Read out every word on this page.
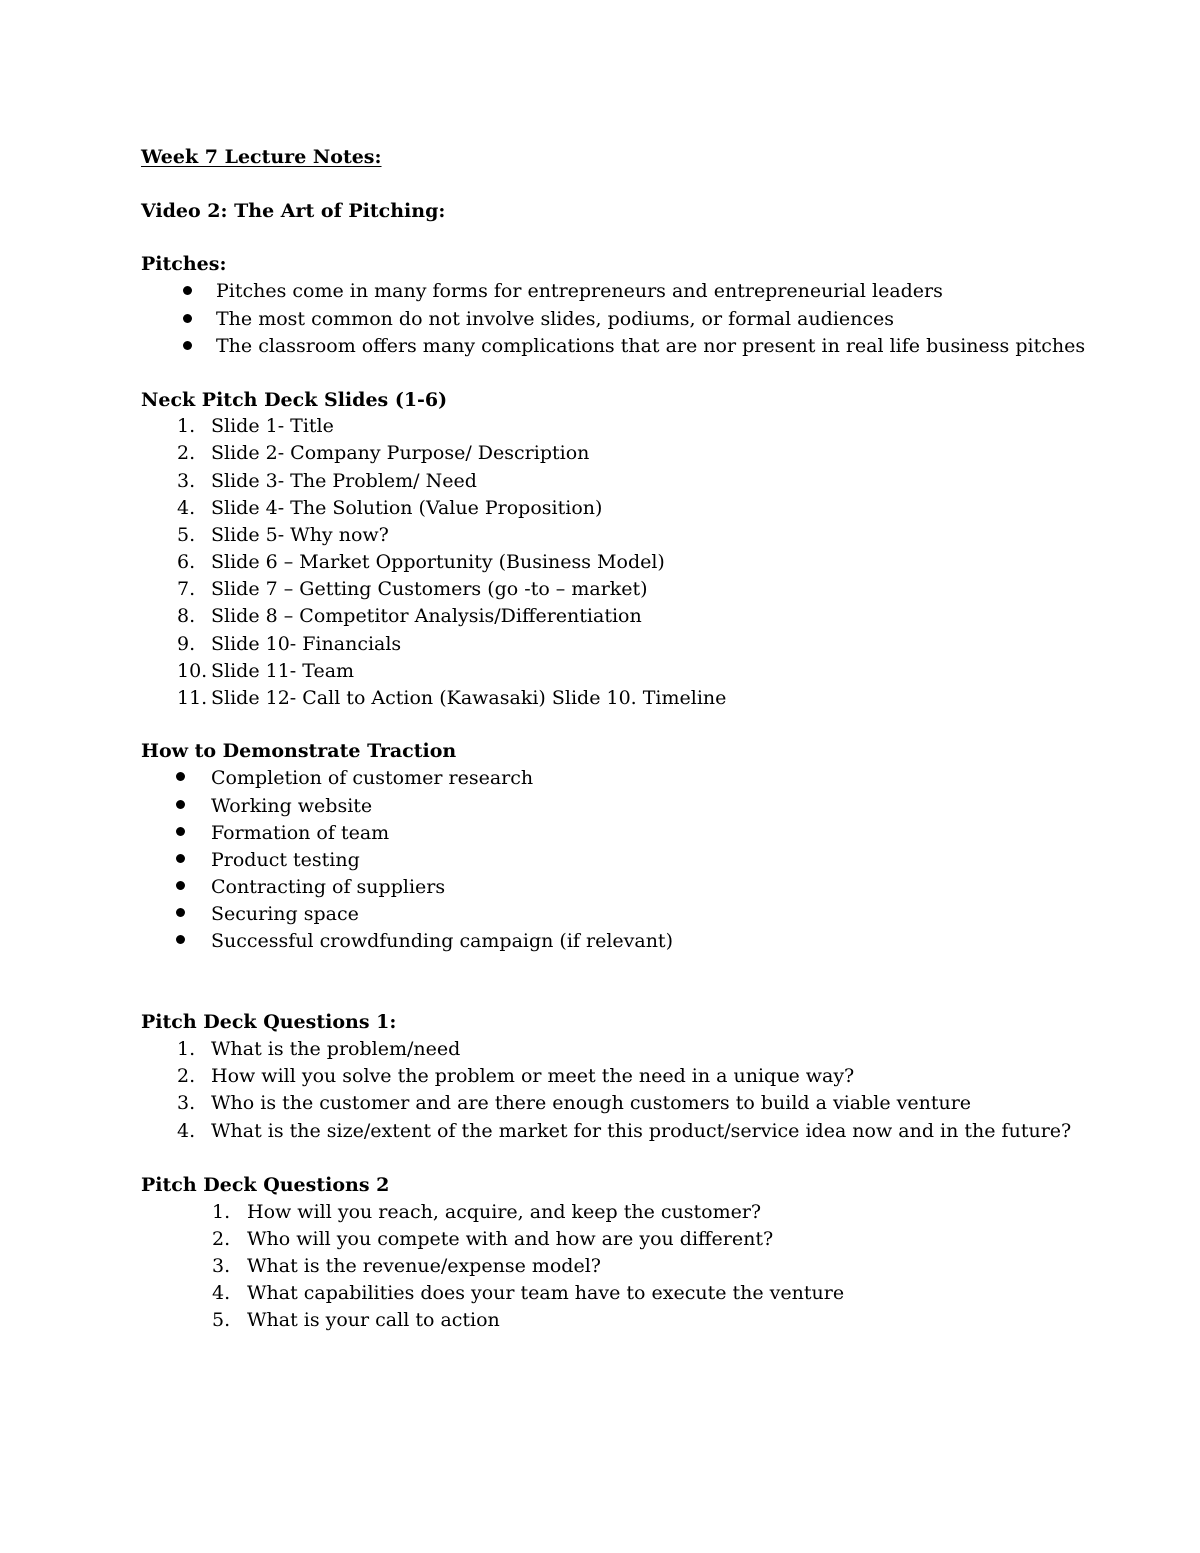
Week 7 Lecture Notes:
Video 2: The Art of Pitching:
Pitches:
Pitches come in many forms for entrepreneurs and entrepreneurial leaders
The most common do not involve slides, podiums, or formal audiences
The classroom offers many complications that are nor present in real life business pitches
Neck Pitch Deck Slides (1-6)
1. Slide 1- Title
2. Slide 2- Company Purpose/ Description
3. Slide 3- The Problem/ Need
4. Slide 4- The Solution (Value Proposition)
5. Slide 5- Why now?
6. Slide 6 – Market Opportunity (Business Model)
7. Slide 7 – Getting Customers (go -to – market)
8. Slide 8 – Competitor Analysis/Differentiation
9. Slide 10- Financials
10. Slide 11- Team
11. Slide 12- Call to Action (Kawasaki) Slide 10. Timeline
How to Demonstrate Traction
Completion of customer research
Working website
Formation of team
Product testing
Contracting of suppliers
Securing space
Successful crowdfunding campaign (if relevant)
Pitch Deck Questions 1:
1. What is the problem/need
2. How will you solve the problem or meet the need in a unique way?
3. Who is the customer and are there enough customers to build a viable venture
4. What is the size/extent of the market for this product/service idea now and in the future?
Pitch Deck Questions 2
1. How will you reach, acquire, and keep the customer?
2. Who will you compete with and how are you different?
3. What is the revenue/expense model?
4. What capabilities does your team have to execute the venture
5. What is your call to action
